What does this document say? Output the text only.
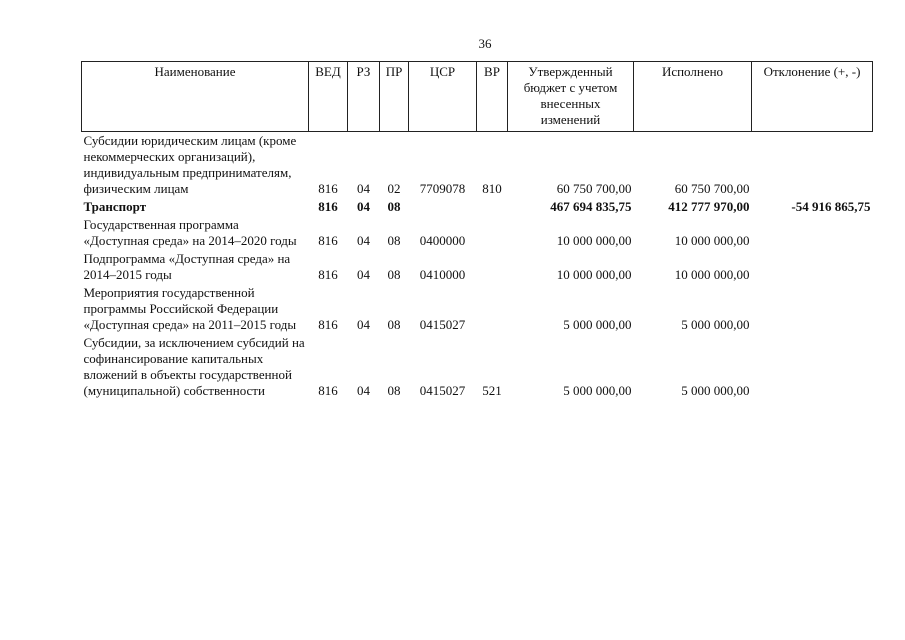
36
Наименование	ВЕД	РЗ	ПР	ЦСР	ВР	Утвержденный бюджет с учетом внесенных изменений	Исполнено	Отклонение (+, -)
Субсидии юридическим лицам (кроме некоммерческих организаций), индивидуальным предпринимателям, физическим лицам	816	04	02	7709078	810	60 750 700,00	60 750 700,00	
Транспорт	816	04	08			467 694 835,75	412 777 970,00	-54 916 865,75
Государственная программа «Доступная среда» на 2014–2020 годы	816	04	08	0400000		10 000 000,00	10 000 000,00	
Подпрограмма «Доступная среда» на 2014–2015 годы	816	04	08	0410000		10 000 000,00	10 000 000,00	
Мероприятия государственной программы Российской Федерации «Доступная среда» на 2011–2015 годы	816	04	08	0415027		5 000 000,00	5 000 000,00	
Субсидии, за исключением субсидий на софинансирование капитальных вложений в объекты государственной (муниципальной) собственности	816	04	08	0415027	521	5 000 000,00	5 000 000,00	
